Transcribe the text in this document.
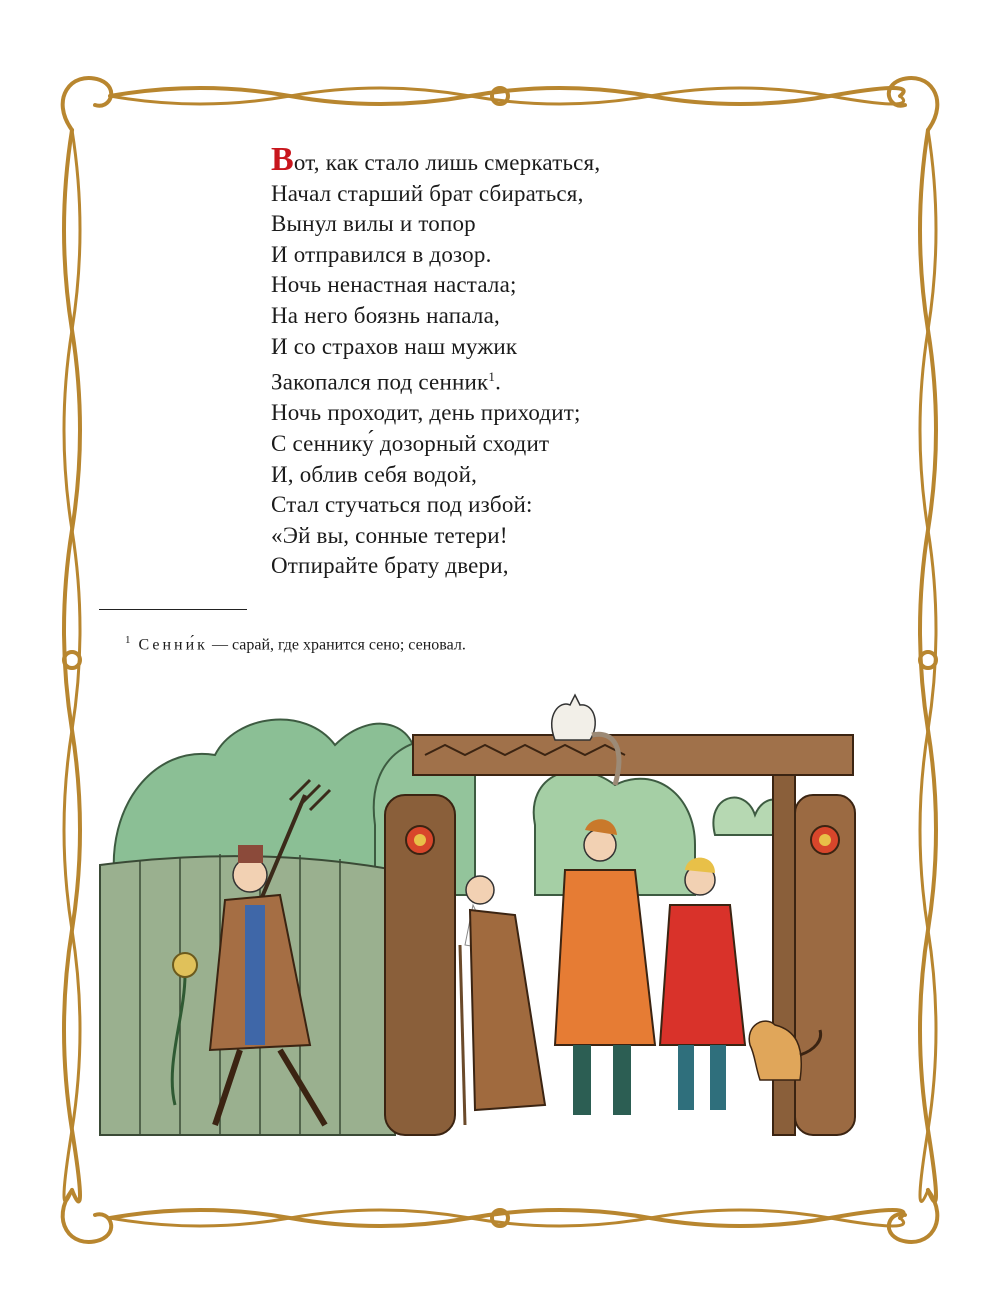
Вот, как стало лишь смеркаться,
Начал старший брат сбираться,
Вынул вилы и топор
И отправился в дозор.
Ночь ненастная настала;
На него боязнь напала,
И со страхов наш мужик
Закопался под сенник$^1$.
Ночь проходит, день приходит;
С сеннику́ дозорный сходит
И, облив себя водой,
Стал стучаться под избой:
«Эй вы, сонные тетери!
Отпирайте брату двери,
$^1$ Сенни́к — сарай, где хранится сено; сеновал.
